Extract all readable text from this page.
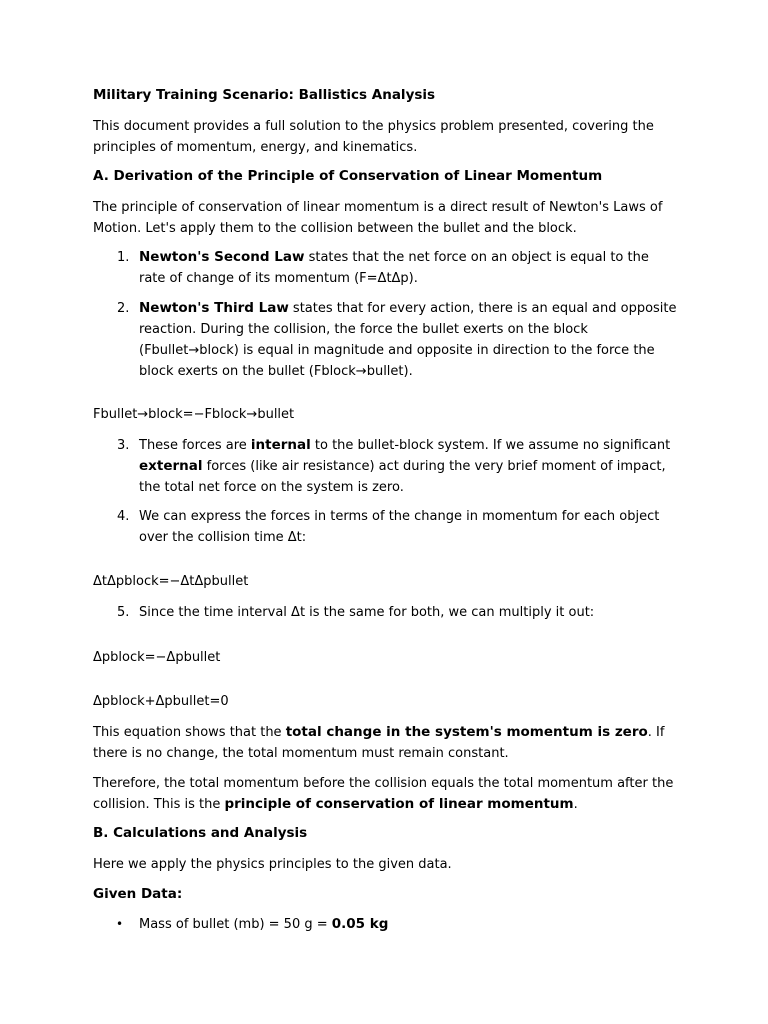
Military Training Scenario: Ballistics Analysis

This document provides a full solution to the physics problem presented, covering the principles of momentum, energy, and kinematics.

A. Derivation of the Principle of Conservation of Linear Momentum

The principle of conservation of linear momentum is a direct result of Newton's Laws of Motion. Let's apply them to the collision between the bullet and the block.

1. Newton's Second Law states that the net force on an object is equal to the rate of change of its momentum (F=ΔtΔp).
2. Newton's Third Law states that for every action, there is an equal and opposite reaction. During the collision, the force the bullet exerts on the block (Fbullet→block) is equal in magnitude and opposite in direction to the force the block exerts on the bullet (Fblock→bullet).
Fbullet→block=−Fblock→bullet
3. These forces are internal to the bullet-block system. If we assume no significant external forces (like air resistance) act during the very brief moment of impact, the total net force on the system is zero.
4. We can express the forces in terms of the change in momentum for each object over the collision time Δt:
ΔtΔpblock=−ΔtΔpbullet
5. Since the time interval Δt is the same for both, we can multiply it out:
Δpblock=−Δpbullet
Δpblock+Δpbullet=0

This equation shows that the total change in the system's momentum is zero. If there is no change, the total momentum must remain constant.

Therefore, the total momentum before the collision equals the total momentum after the collision. This is the principle of conservation of linear momentum.

B. Calculations and Analysis

Here we apply the physics principles to the given data.

Given Data:
• Mass of bullet (mb) = 50 g = 0.05 kg
